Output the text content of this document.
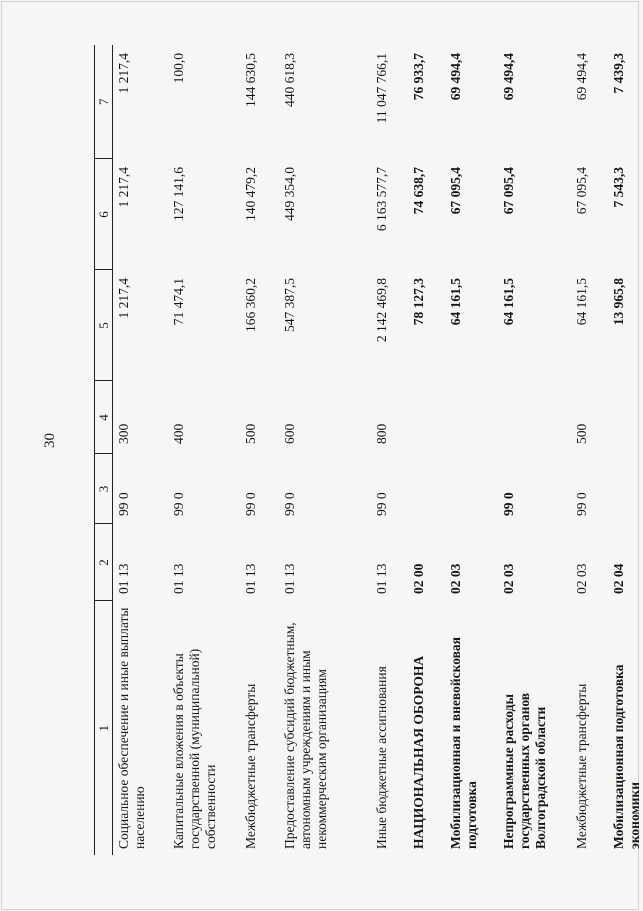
30
1	2	3	4	5	6	7
Социальное обеспечение и иные выплаты населению	01 13	99 0	300	1 217,4	1 217,4	1 217,4
Капитальные вложения в объекты государственной (муниципальной) собственности	01 13	99 0	400	71 474,1	127 141,6	100,0
Межбюджетные трансферты	01 13	99 0	500	166 360,2	140 479,2	144 630,5
Предоставление субсидий бюджетным, автономным учреждениям и иным некоммерческим организациям	01 13	99 0	600	547 387,5	449 354,0	440 618,3
Иные бюджетные ассигнования	01 13	99 0	800	2 142 469,8	6 163 577,7	11 047 766,1
НАЦИОНАЛЬНАЯ ОБОРОНА	02 00			78 127,3	74 638,7	76 933,7
Мобилизационная и вневойсковая подготовка	02 03			64 161,5	67 095,4	69 494,4
Непрограммные расходы государственных органов Волгоградской области	02 03	99 0		64 161,5	67 095,4	69 494,4
Межбюджетные трансферты	02 03	99 0	500	64 161,5	67 095,4	69 494,4
Мобилизационная подготовка экономики	02 04			13 965,8	7 543,3	7 439,3
